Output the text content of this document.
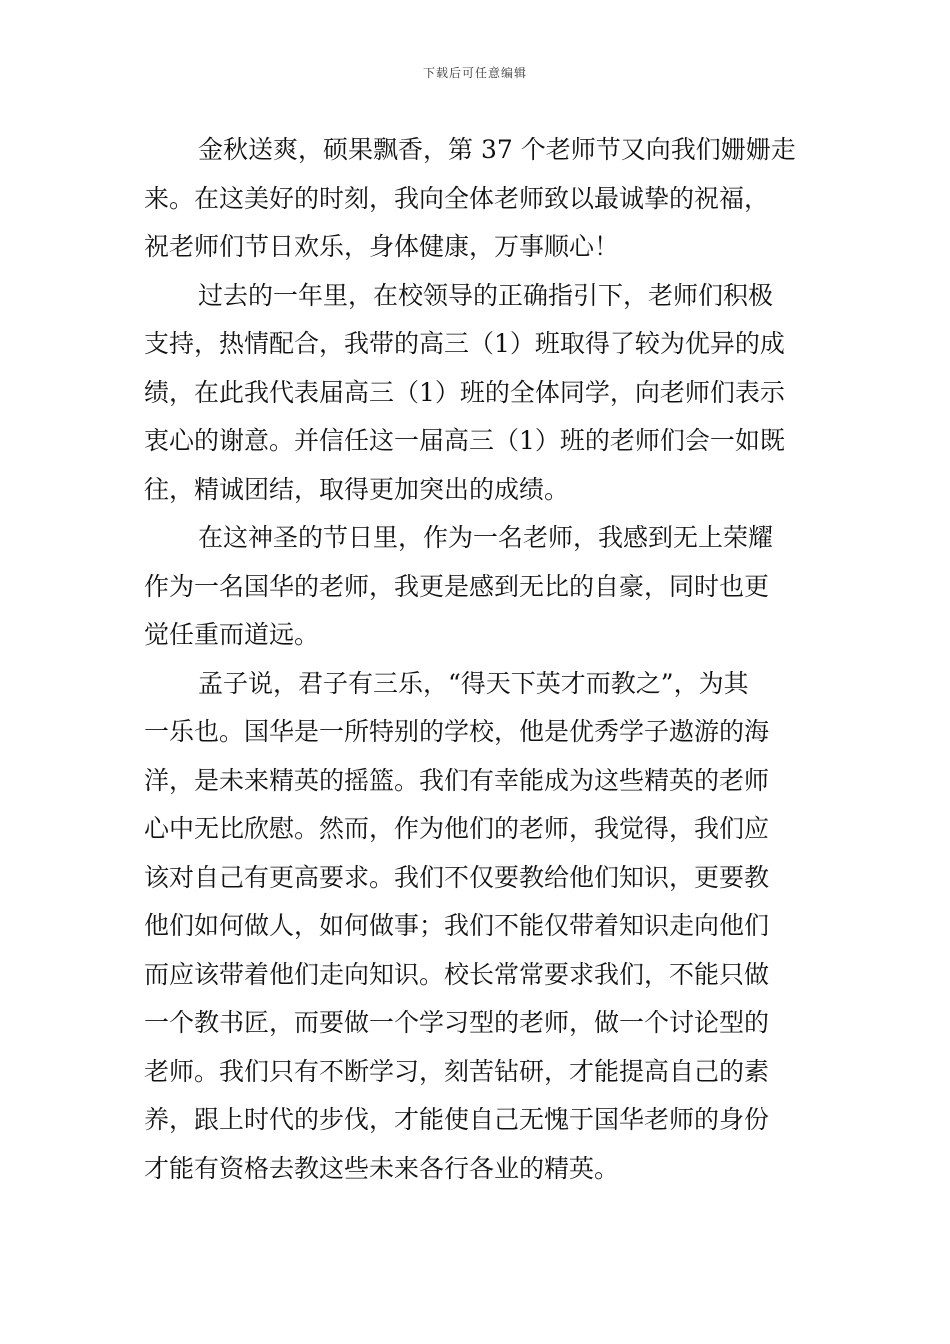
下载后可任意编辑
金秋送爽，硕果飘香，第 37 个老师节又向我们姗姗走
来。在这美好的时刻，我向全体老师致以最诚挚的祝福，
祝老师们节日欢乐，身体健康，万事顺心！
过去的一年里，在校领导的正确指引下，老师们积极
支持，热情配合，我带的高三（1）班取得了较为优异的成
绩，在此我代表届高三（1）班的全体同学，向老师们表示
衷心的谢意。并信任这一届高三（1）班的老师们会一如既
往，精诚团结，取得更加突出的成绩。
在这神圣的节日里，作为一名老师，我感到无上荣耀
作为一名国华的老师，我更是感到无比的自豪，同时也更
觉任重而道远。
孟子说，君子有三乐，“得天下英才而教之”，为其
一乐也。国华是一所特别的学校，他是优秀学子遨游的海
洋，是未来精英的摇篮。我们有幸能成为这些精英的老师
心中无比欣慰。然而，作为他们的老师，我觉得，我们应
该对自己有更高要求。我们不仅要教给他们知识，更要教
他们如何做人，如何做事；我们不能仅带着知识走向他们
而应该带着他们走向知识。校长常常要求我们，不能只做
一个教书匠，而要做一个学习型的老师，做一个讨论型的
老师。我们只有不断学习，刻苦钻研，才能提高自己的素
养，跟上时代的步伐，才能使自己无愧于国华老师的身份
才能有资格去教这些未来各行各业的精英。
